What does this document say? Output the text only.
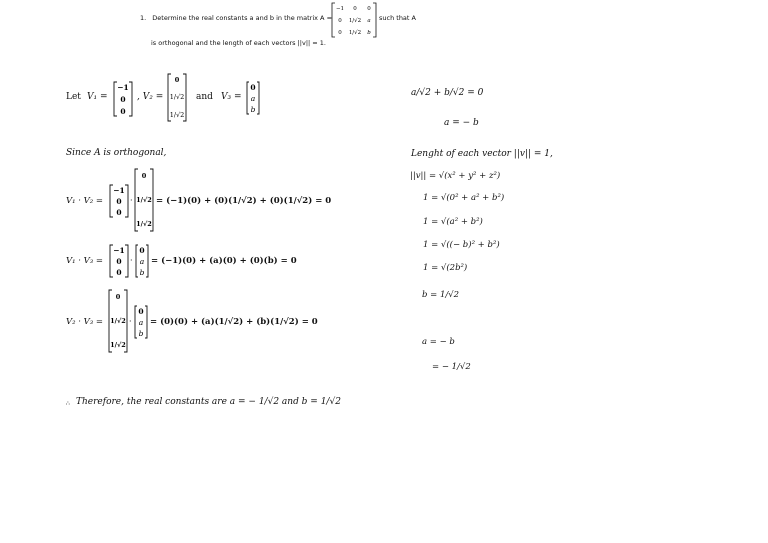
1. Determine the real constants a and b in the matrix A =
−1 0 0
0 1/√2 a
0 1/√2 b
such that A
is orthogonal and the length of each vectors ||v|| = 1.
Let V₁ =
−1
0
0
, V₂ =
0
1/√2
1/√2
and V₃ =
0
a
b
Since A is orthogonal,
V₁ · V₂ =
−1
0
0
·
0
1/√2
1/√2
= (−1)(0) + (0)(1/√2) + (0)(1/√2) = 0
V₁ · V₃ =
−1
0
0
·
0
a
b
= (−1)(0) + (a)(0) + (0)(b) = 0
V₂ · V₃ =
0
1/√2
1/√2
·
0
a
b
= (0)(0) + (a)(1/√2) + (b)(1/√2) = 0
a/√2 + b/√2 = 0
a = − b
Lenght of each vector ||v|| = 1,
||v|| = √(x² + y² + z²)
1 = √(0² + a² + b²)
1 = √(a² + b²)
1 = √((− b)² + b²)
1 = √(2b²)
b = 1/√2
a = − b
= − 1/√2
∴ Therefore, the real constants are a = − 1/√2 and b = 1/√2
